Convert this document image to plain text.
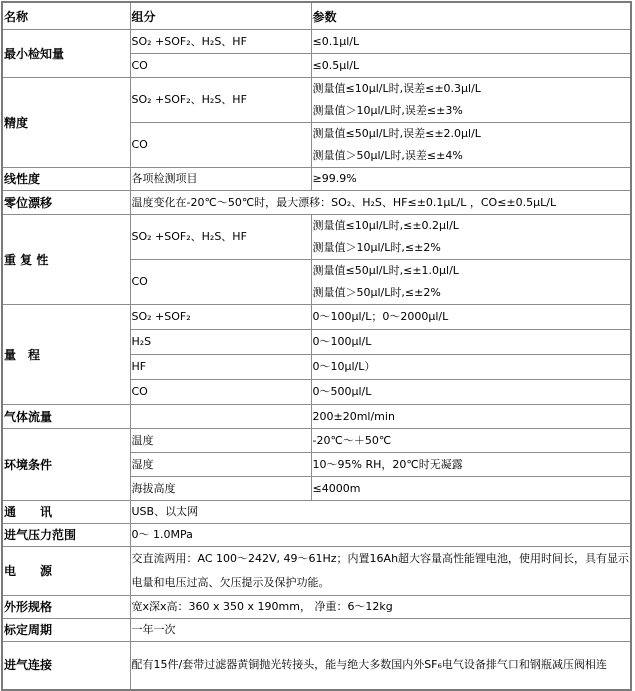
名称	组分	参数
最小检知量	SO₂ +SOF₂、H₂S、HF	≤0.1μl/L
	CO	≤0.5μl/L
精度	SO₂ +SOF₂、H₂S、HF	测量值≤10μl/L时,误差≤±0.3μl/L
测量值＞10μl/L时,误差≤±3%

	CO	测量值≤50μl/L时,误差≤±2.0μl/L
测量值＞50μl/L时,误差≤±4%

线性度	各项检测项目	≥99.9%
零位漂移	温度变化在-20℃～50℃时，最大漂移：SO₂、H₂S、HF≤±0.1μL/L ，CO≤±0.5μL/L	
重 复 性	SO₂ +SOF₂、H₂S、HF	测量值≤10μl/L时,≤±0.2μl/L
测量值＞10μl/L时,≤±2%

	CO	测量值≤50μl/L时,≤±1.0μl/L
测量值＞50μl/L时,≤±2%

量　程	SO₂ +SOF₂	0～100μl/L；0～2000μl/L
	H₂S	0～100μl/L
	HF	0～10μl/L）
	CO	0～500μl/L
气体流量		200±20ml/min
环境条件	温度	-20℃～＋50℃
	湿度	10～95% RH，20℃时无凝露
	海拔高度	≤4000m
通　　讯	USB、以太网	
进气压力范围	0～ 1.0MPa	
电　　源	交直流两用：AC 100～242V, 49～61Hz；内置16Ah超大容量高性能锂电池，使用时间长，具有显示电量和电压过高、欠压提示及保护功能。	
外形规格	宽x深x高：360 x 350 x 190mm， 净重：6～12kg	
标定周期	一年一次	
进气连接	配有15件/套带过滤器黄铜抛光转接头，能与绝大多数国内外SF₆电气设备排气口和钢瓶减压阀相连	
